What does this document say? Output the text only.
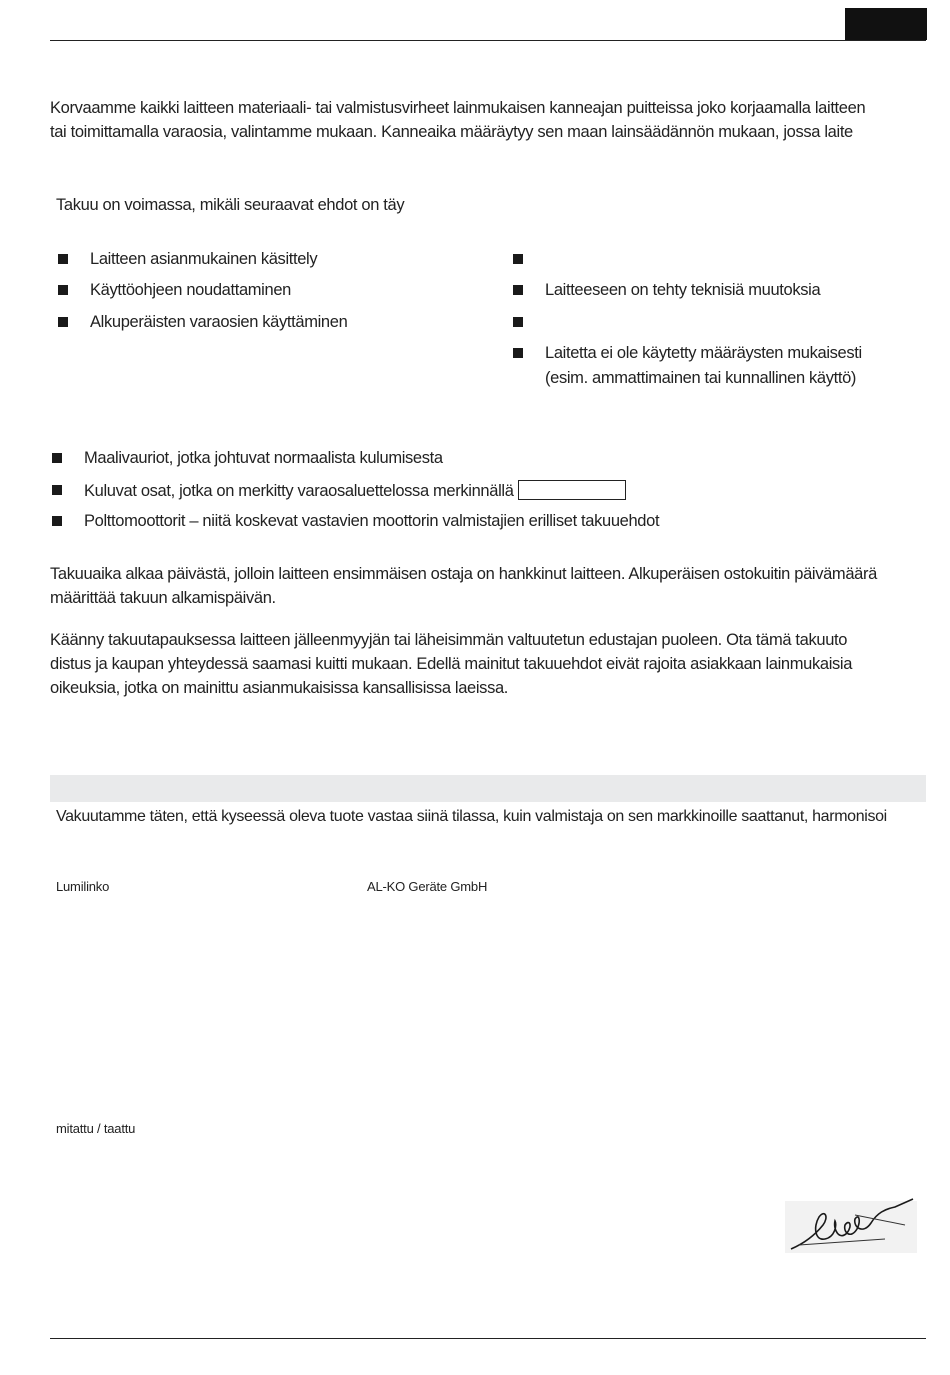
Korvaamme kaikki laitteen materiaali- tai valmistusvirheet lainmukaisen kanneajan puitteissa joko korjaamalla laitteen
tai toimittamalla varaosia, valintamme mukaan. Kanneaika määräytyy sen maan lainsäädännön mukaan, jossa laite
Takuu on voimassa, mikäli seuraavat ehdot on täy
Laitteen asianmukainen käsittely
Käyttöohjeen noudattaminen
Alkuperäisten varaosien käyttäminen
Laitteeseen on tehty teknisiä muutoksia
Laitetta ei ole käytetty määräysten mukaisesti
(esim. ammattimainen tai kunnallinen käyttö)
Maalivauriot, jotka johtuvat normaalista kulumisesta
Kuluvat osat, jotka on merkitty varaosaluettelossa merkinnällä
Polttomoottorit – niitä koskevat vastavien moottorin valmistajien erilliset takuuehdot
Takuuaika alkaa päivästä, jolloin laitteen ensimmäisen ostaja on hankkinut laitteen. Alkuperäisen ostokuitin päivämäärä
määrittää takuun alkamispäivän.
Käänny takuutapauksessa laitteen jälleenmyyjän tai läheisimmän valtuutetun edustajan puoleen. Ota tämä takuuto
distus ja kaupan yhteydessä saamasi kuitti mukaan. Edellä mainitut takuuehdot eivät rajoita asiakkaan lainmukaisia
oikeuksia, jotka on mainittu asianmukaisissa kansallisissa laeissa.
Vakuutamme täten, että kyseessä oleva tuote vastaa siinä tilassa, kuin valmistaja on sen markkinoille saattanut, harmonisoi
Lumilinko	AL-KO Geräte GmbH
mitattu / taattu
